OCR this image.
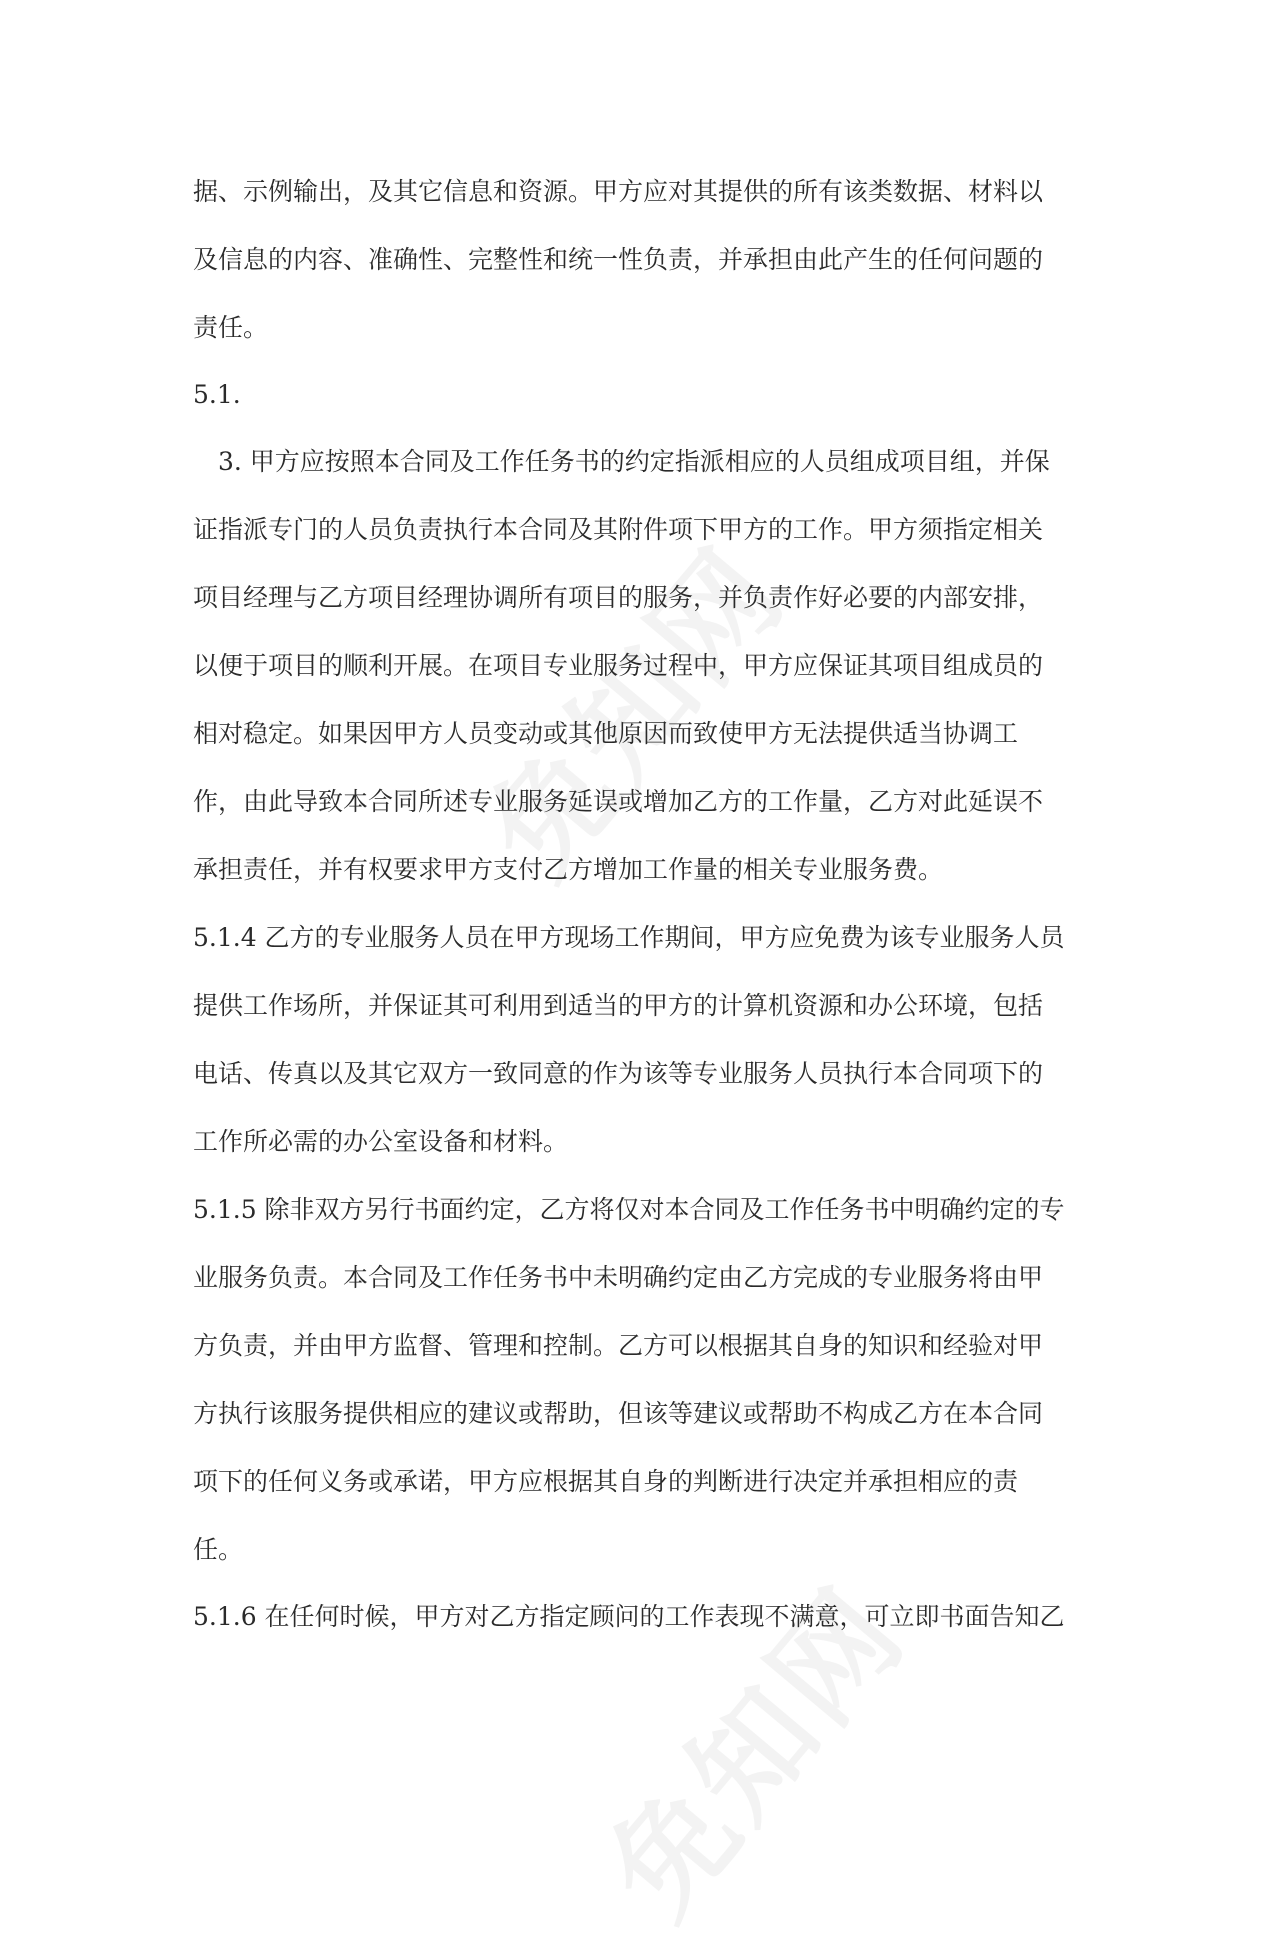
据、示例输出，及其它信息和资源。甲方应对其提供的所有该类数据、材料以
及信息的内容、准确性、完整性和统一性负责，并承担由此产生的任何问题的
责任。

5.1.

　3. 甲方应按照本合同及工作任务书的约定指派相应的人员组成项目组，并保
证指派专门的人员负责执行本合同及其附件项下甲方的工作。甲方须指定相关
项目经理与乙方项目经理协调所有项目的服务，并负责作好必要的内部安排，
以便于项目的顺利开展。在项目专业服务过程中，甲方应保证其项目组成员的
相对稳定。如果因甲方人员变动或其他原因而致使甲方无法提供适当协调工
作，由此导致本合同所述专业服务延误或增加乙方的工作量，乙方对此延误不
承担责任，并有权要求甲方支付乙方增加工作量的相关专业服务费。

5.1.4 乙方的专业服务人员在甲方现场工作期间，甲方应免费为该专业服务人员
提供工作场所，并保证其可利用到适当的甲方的计算机资源和办公环境，包括
电话、传真以及其它双方一致同意的作为该等专业服务人员执行本合同项下的
工作所必需的办公室设备和材料。

5.1.5 除非双方另行书面约定，乙方将仅对本合同及工作任务书中明确约定的专
业服务负责。本合同及工作任务书中未明确约定由乙方完成的专业服务将由甲
方负责，并由甲方监督、管理和控制。乙方可以根据其自身的知识和经验对甲
方执行该服务提供相应的建议或帮助，但该等建议或帮助不构成乙方在本合同
项下的任何义务或承诺，甲方应根据其自身的判断进行决定并承担相应的责
任。

5.1.6 在任何时候，甲方对乙方指定顾问的工作表现不满意，可立即书面告知乙
